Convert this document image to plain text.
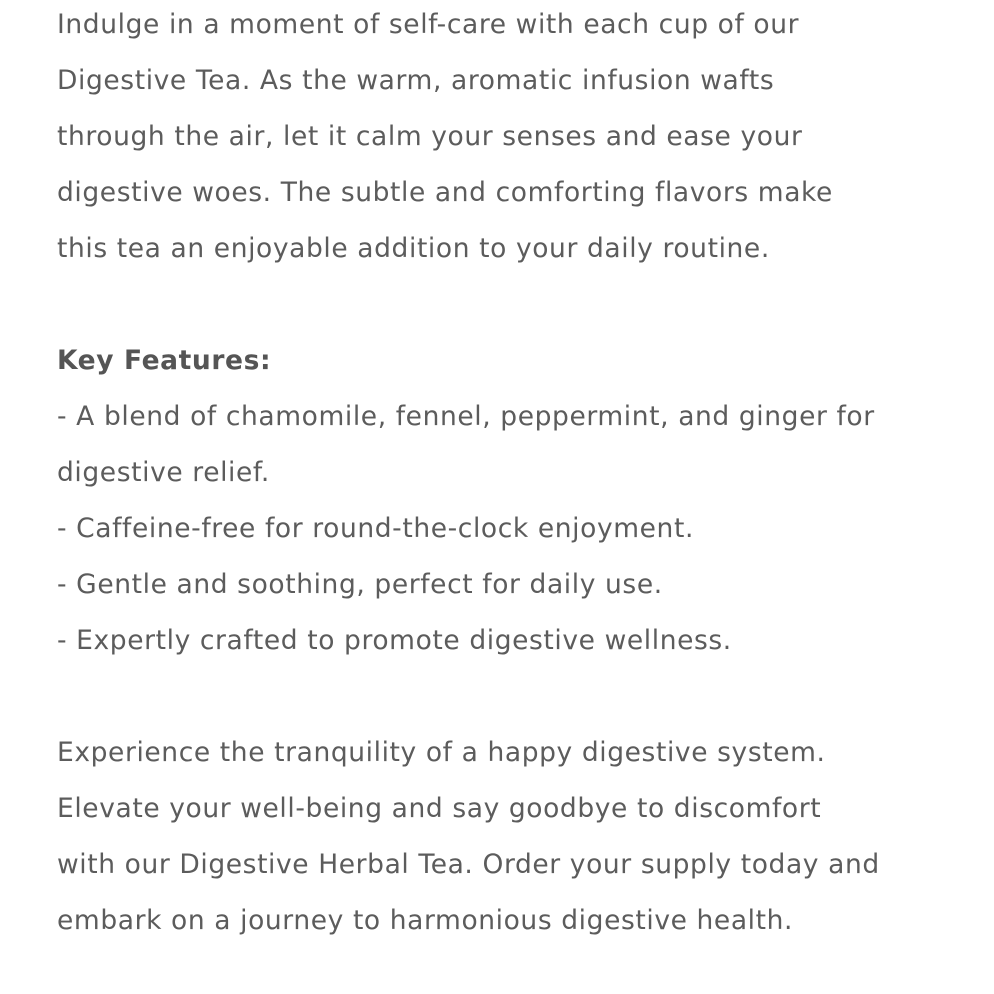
Indulge in a moment of self-care with each cup of our
Digestive Tea. As the warm, aromatic infusion wafts
through the air, let it calm your senses and ease your
digestive woes. The subtle and comforting flavors make
this tea an enjoyable addition to your daily routine.
Key Features:
- A blend of chamomile, fennel, peppermint, and ginger for
digestive relief.
- Caffeine-free for round-the-clock enjoyment.
- Gentle and soothing, perfect for daily use.
- Expertly crafted to promote digestive wellness.
Experience the tranquility of a happy digestive system.
Elevate your well-being and say goodbye to discomfort
with our Digestive Herbal Tea. Order your supply today and
embark on a journey to harmonious digestive health.
